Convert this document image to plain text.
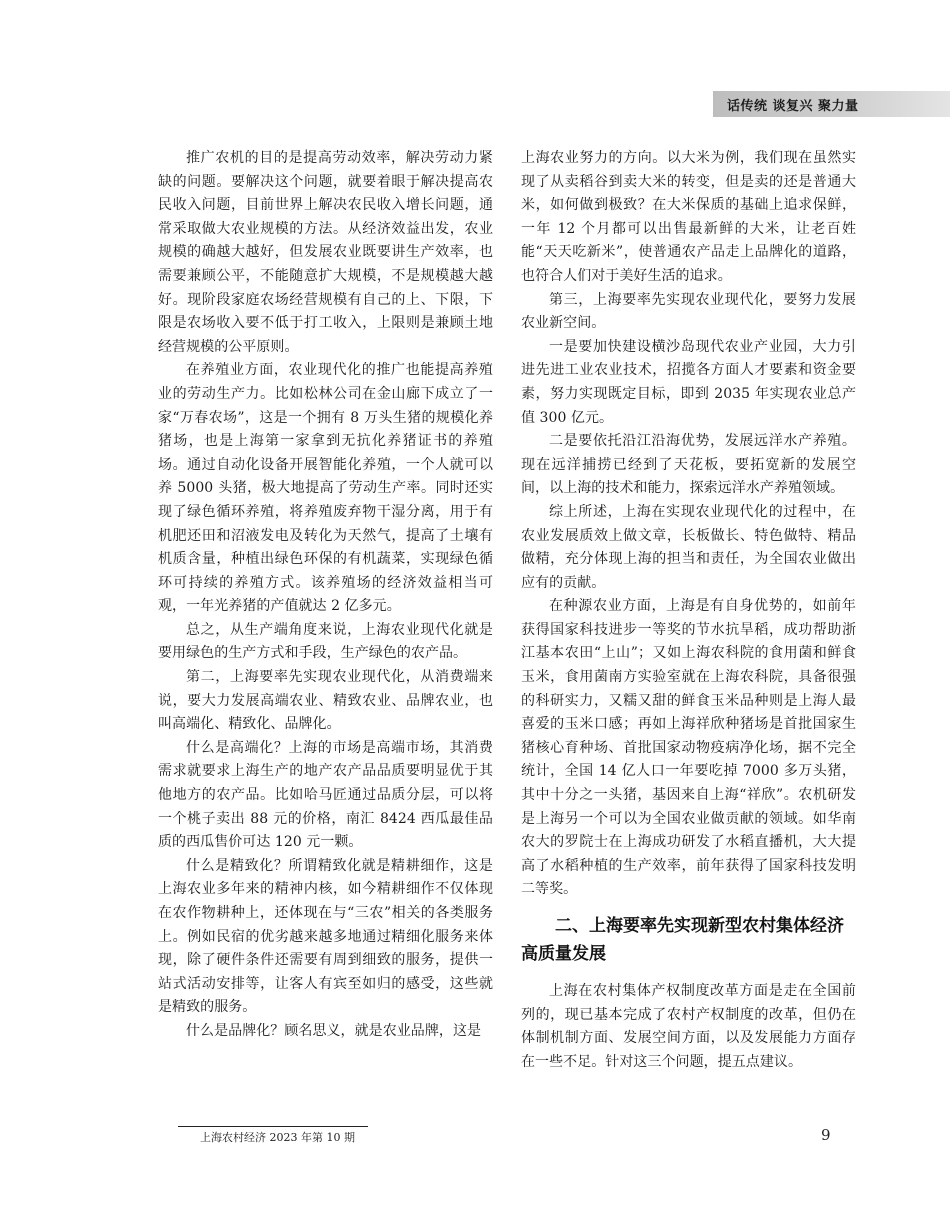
话传统 谈复兴 聚力量

推广农机的目的是提高劳动效率，解决劳动力紧缺的问题。要解决这个问题，就要着眼于解决提高农民收入问题，目前世界上解决农民收入增长问题，通常采取做大农业规模的方法。从经济效益出发，农业规模的确越大越好，但发展农业既要讲生产效率，也需要兼顾公平，不能随意扩大规模，不是规模越大越好。现阶段家庭农场经营规模有自己的上、下限，下限是农场收入要不低于打工收入，上限则是兼顾土地经营规模的公平原则。

在养殖业方面，农业现代化的推广也能提高养殖业的劳动生产力。比如松林公司在金山廊下成立了一家“万春农场”，这是一个拥有 8 万头生猪的规模化养猪场，也是上海第一家拿到无抗化养猪证书的养殖场。通过自动化设备开展智能化养殖，一个人就可以养 5000 头猪，极大地提高了劳动生产率。同时还实现了绿色循环养殖，将养殖废弃物干湿分离，用于有机肥还田和沼液发电及转化为天然气，提高了土壤有机质含量，种植出绿色环保的有机蔬菜，实现绿色循环可持续的养殖方式。该养殖场的经济效益相当可观，一年光养猪的产值就达 2 亿多元。

总之，从生产端角度来说，上海农业现代化就是要用绿色的生产方式和手段，生产绿色的农产品。

第二，上海要率先实现农业现代化，从消费端来说，要大力发展高端农业、精致农业、品牌农业，也叫高端化、精致化、品牌化。

什么是高端化？上海的市场是高端市场，其消费需求就要求上海生产的地产农产品品质要明显优于其他地方的农产品。比如哈马匠通过品质分层，可以将一个桃子卖出 88 元的价格，南汇 8424 西瓜最佳品质的西瓜售价可达 120 元一颗。

什么是精致化？所谓精致化就是精耕细作，这是上海农业多年来的精神内核，如今精耕细作不仅体现在农作物耕种上，还体现在与“三农”相关的各类服务上。例如民宿的优劣越来越多地通过精细化服务来体现，除了硬件条件还需要有周到细致的服务，提供一站式活动安排等，让客人有宾至如归的感受，这些就是精致的服务。

什么是品牌化？顾名思义，就是农业品牌，这是

上海农业努力的方向。以大米为例，我们现在虽然实现了从卖稻谷到卖大米的转变，但是卖的还是普通大米，如何做到极致？在大米保质的基础上追求保鲜，一年 12 个月都可以出售最新鲜的大米，让老百姓能“天天吃新米”，使普通农产品走上品牌化的道路，也符合人们对于美好生活的追求。

第三，上海要率先实现农业现代化，要努力发展农业新空间。

一是要加快建设横沙岛现代农业产业园，大力引进先进工业农业技术，招揽各方面人才要素和资金要素，努力实现既定目标，即到 2035 年实现农业总产值 300 亿元。

二是要依托沿江沿海优势，发展远洋水产养殖。现在远洋捕捞已经到了天花板，要拓宽新的发展空间，以上海的技术和能力，探索远洋水产养殖领域。

综上所述，上海在实现农业现代化的过程中，在农业发展质效上做文章，长板做长、特色做特、精品做精，充分体现上海的担当和责任，为全国农业做出应有的贡献。

在种源农业方面，上海是有自身优势的，如前年获得国家科技进步一等奖的节水抗旱稻，成功帮助浙江基本农田“上山”；又如上海农科院的食用菌和鲜食玉米，食用菌南方实验室就在上海农科院，具备很强的科研实力，又糯又甜的鲜食玉米品种则是上海人最喜爱的玉米口感；再如上海祥欣种猪场是首批国家生猪核心育种场、首批国家动物疫病净化场，据不完全统计，全国 14 亿人口一年要吃掉 7000 多万头猪，其中十分之一头猪，基因来自上海“祥欣”。农机研发是上海另一个可以为全国农业做贡献的领域。如华南农大的罗院士在上海成功研发了水稻直播机，大大提高了水稻种植的生产效率，前年获得了国家科技发明二等奖。

二、上海要率先实现新型农村集体经济高质量发展

上海在农村集体产权制度改革方面是走在全国前列的，现已基本完成了农村产权制度的改革，但仍在体制机制方面、发展空间方面，以及发展能力方面存在一些不足。针对这三个问题，提五点建议。

上海农村经济 2023 年第 10 期	9
